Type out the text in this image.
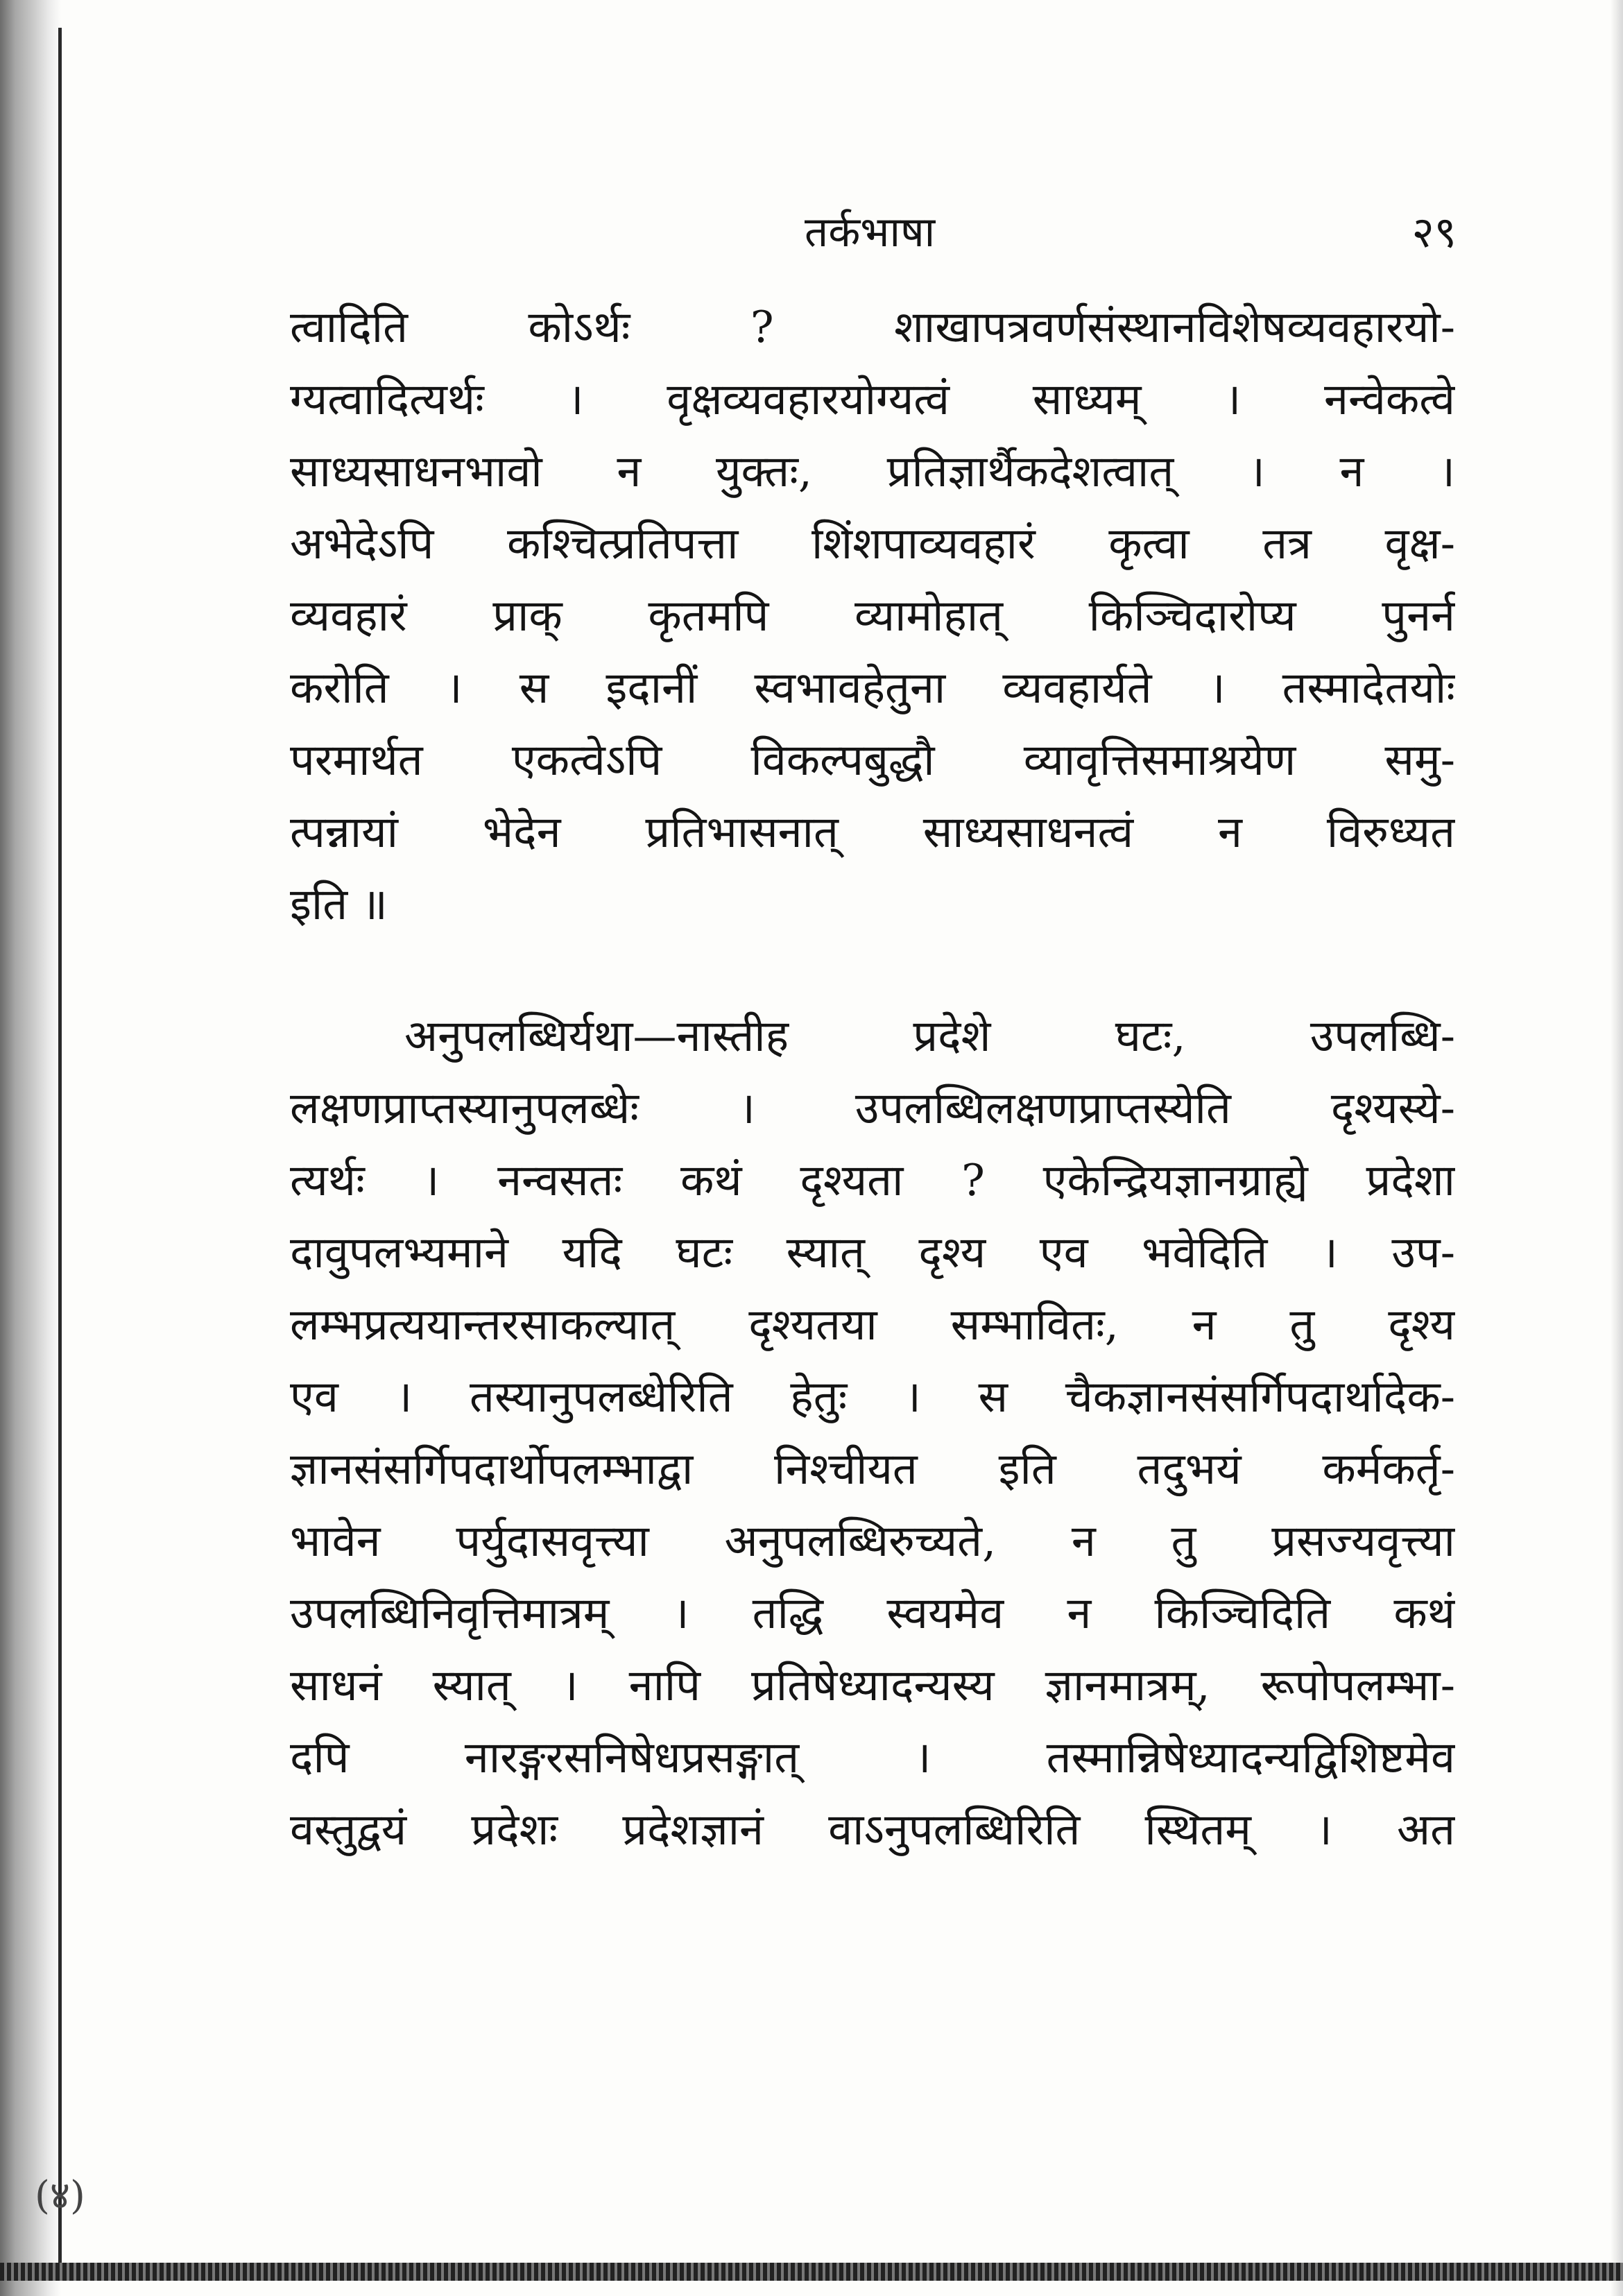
तर्कभाषा	२९
त्वादिति कोऽर्थः ? शाखापत्रवर्णसंस्थानविशेषव्यवहारयो-
ग्यत्वादित्यर्थः । वृक्षव्यवहारयोग्यत्वं साध्यम् । नन्वेकत्वे
साध्यसाधनभावो न युक्तः, प्रतिज्ञार्थैकदेशत्वात् । न ।
अभेदेऽपि कश्चित्प्रतिपत्ता शिंशपाव्यवहारं कृत्वा तत्र वृक्ष-
व्यवहारं प्राक् कृतमपि व्यामोहात् किञ्चिदारोप्य पुनर्न
करोति । स इदानीं स्वभावहेतुना व्यवहार्यते । तस्मादेतयोः
परमार्थत एकत्वेऽपि विकल्पबुद्धौ व्यावृत्तिसमाश्रयेण समु-
त्पन्नायां भेदेन प्रतिभासनात् साध्यसाधनत्वं न विरुध्यत
इति ॥
अनुपलब्धिर्यथा—नास्तीह प्रदेशे घटः, उपलब्धि-
लक्षणप्राप्तस्यानुपलब्धेः । उपलब्धिलक्षणप्राप्तस्येति दृश्यस्ये-
त्यर्थः । नन्वसतः कथं दृश्यता ? एकेन्द्रियज्ञानग्राह्ये प्रदेशा
दावुपलभ्यमाने यदि घटः स्यात् दृश्य एव भवेदिति । उप-
लम्भप्रत्ययान्तरसाकल्यात् दृश्यतया सम्भावितः, न तु दृश्य
एव । तस्यानुपलब्धेरिति हेतुः । स चैकज्ञानसंसर्गिपदार्थादेक-
ज्ञानसंसर्गिपदार्थोपलम्भाद्वा निश्चीयत इति तदुभयं कर्मकर्तृ-
भावेन पर्युदासवृत्त्या अनुपलब्धिरुच्यते, न तु प्रसज्यवृत्त्या
उपलब्धिनिवृत्तिमात्रम् । तद्धि स्वयमेव न किञ्चिदिति कथं
साधनं स्यात् । नापि प्रतिषेध्यादन्यस्य ज्ञानमात्रम्, रूपोपलम्भा-
दपि नारङ्गरसनिषेधप्रसङ्गात् । तस्मान्निषेध्यादन्यद्विशिष्टमेव
वस्तुद्वयं प्रदेशः प्रदेशज्ञानं वाऽनुपलब्धिरिति स्थितम् । अत
(४)
